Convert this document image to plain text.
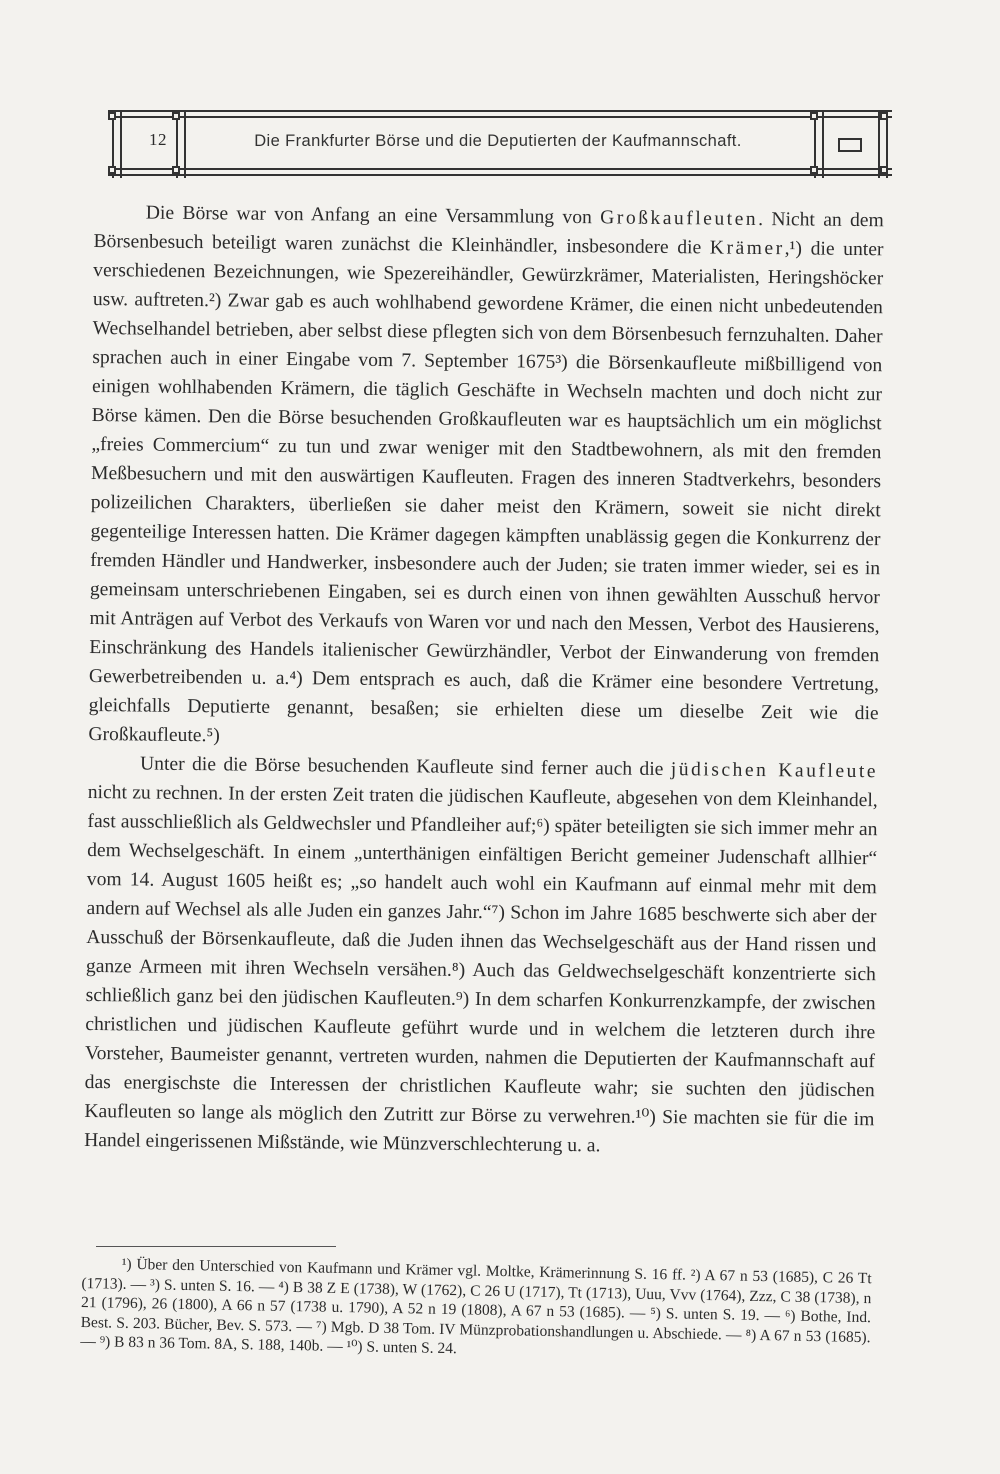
12	Die Frankfurter Börse und die Deputierten der Kaufmannschaft.

Die Börse war von Anfang an eine Versammlung von Großkaufleuten. Nicht an dem Börsenbesuch beteiligt waren zunächst die Kleinhändler, insbesondere die Krämer,¹) die unter verschiedenen Bezeichnungen, wie Spezereihändler, Gewürzkrämer, Materialisten, Heringshöcker usw. auftreten.²) Zwar gab es auch wohlhabend gewordene Krämer, die einen nicht unbedeutenden Wechselhandel betrieben, aber selbst diese pflegten sich von dem Börsenbesuch fernzuhalten. Daher sprachen auch in einer Eingabe vom 7. September 1675³) die Börsenkaufleute mißbilligend von einigen wohlhabenden Krämern, die täglich Geschäfte in Wechseln machten und doch nicht zur Börse kämen. Den die Börse besuchenden Großkaufleuten war es hauptsächlich um ein möglichst „freies Commercium“ zu tun und zwar weniger mit den Stadtbewohnern, als mit den fremden Meßbesuchern und mit den auswärtigen Kaufleuten. Fragen des inneren Stadtverkehrs, besonders polizeilichen Charakters, überließen sie daher meist den Krämern, soweit sie nicht direkt gegenteilige Interessen hatten. Die Krämer dagegen kämpften unablässig gegen die Konkurrenz der fremden Händler und Handwerker, insbesondere auch der Juden; sie traten immer wieder, sei es in gemeinsam unterschriebenen Eingaben, sei es durch einen von ihnen gewählten Ausschuß hervor mit Anträgen auf Verbot des Verkaufs von Waren vor und nach den Messen, Verbot des Hausierens, Einschränkung des Handels italienischer Gewürzhändler, Verbot der Einwanderung von fremden Gewerbetreibenden u. a.⁴) Dem entsprach es auch, daß die Krämer eine besondere Vertretung, gleichfalls Deputierte genannt, besaßen; sie erhielten diese um dieselbe Zeit wie die Großkaufleute.⁵)

Unter die die Börse besuchenden Kaufleute sind ferner auch die jüdischen Kaufleute nicht zu rechnen. In der ersten Zeit traten die jüdischen Kaufleute, abgesehen von dem Kleinhandel, fast ausschließlich als Geldwechsler und Pfandleiher auf;⁶) später beteiligten sie sich immer mehr an dem Wechselgeschäft. In einem „unterthänigen einfältigen Bericht gemeiner Judenschaft allhier“ vom 14. August 1605 heißt es; „so handelt auch wohl ein Kaufmann auf einmal mehr mit dem andern auf Wechsel als alle Juden ein ganzes Jahr.“⁷) Schon im Jahre 1685 beschwerte sich aber der Ausschuß der Börsenkaufleute, daß die Juden ihnen das Wechselgeschäft aus der Hand rissen und ganze Armeen mit ihren Wechseln versähen.⁸) Auch das Geldwechselgeschäft konzentrierte sich schließlich ganz bei den jüdischen Kaufleuten.⁹) In dem scharfen Konkurrenzkampfe, der zwischen christlichen und jüdischen Kaufleute geführt wurde und in welchem die letzteren durch ihre Vorsteher, Baumeister genannt, vertreten wurden, nahmen die Deputierten der Kaufmannschaft auf das energischste die Interessen der christlichen Kaufleute wahr; sie suchten den jüdischen Kaufleuten so lange als möglich den Zutritt zur Börse zu verwehren.¹⁰) Sie machten sie für die im Handel eingerissenen Mißstände, wie Münzverschlechterung u. a.

¹) Über den Unterschied von Kaufmann und Krämer vgl. Moltke, Krämerinnung S. 16 ff. ²) A 67 n 53 (1685), C 26 Tt (1713). — ³) S. unten S. 16. — ⁴) B 38 Z E (1738), W (1762), C 26 U (1717), Tt (1713), Uuu, Vvv (1764), Zzz, C 38 (1738), n 21 (1796), 26 (1800), A 66 n 57 (1738 u. 1790), A 52 n 19 (1808), A 67 n 53 (1685). — ⁵) S. unten S. 19. — ⁶) Bothe, Ind. Best. S. 203. Bücher, Bev. S. 573. — ⁷) Mgb. D 38 Tom. IV Münzprobationshandlungen u. Abschiede. — ⁸) A 67 n 53 (1685). — ⁹) B 83 n 36 Tom. 8A, S. 188, 140b. — ¹⁰) S. unten S. 24.
